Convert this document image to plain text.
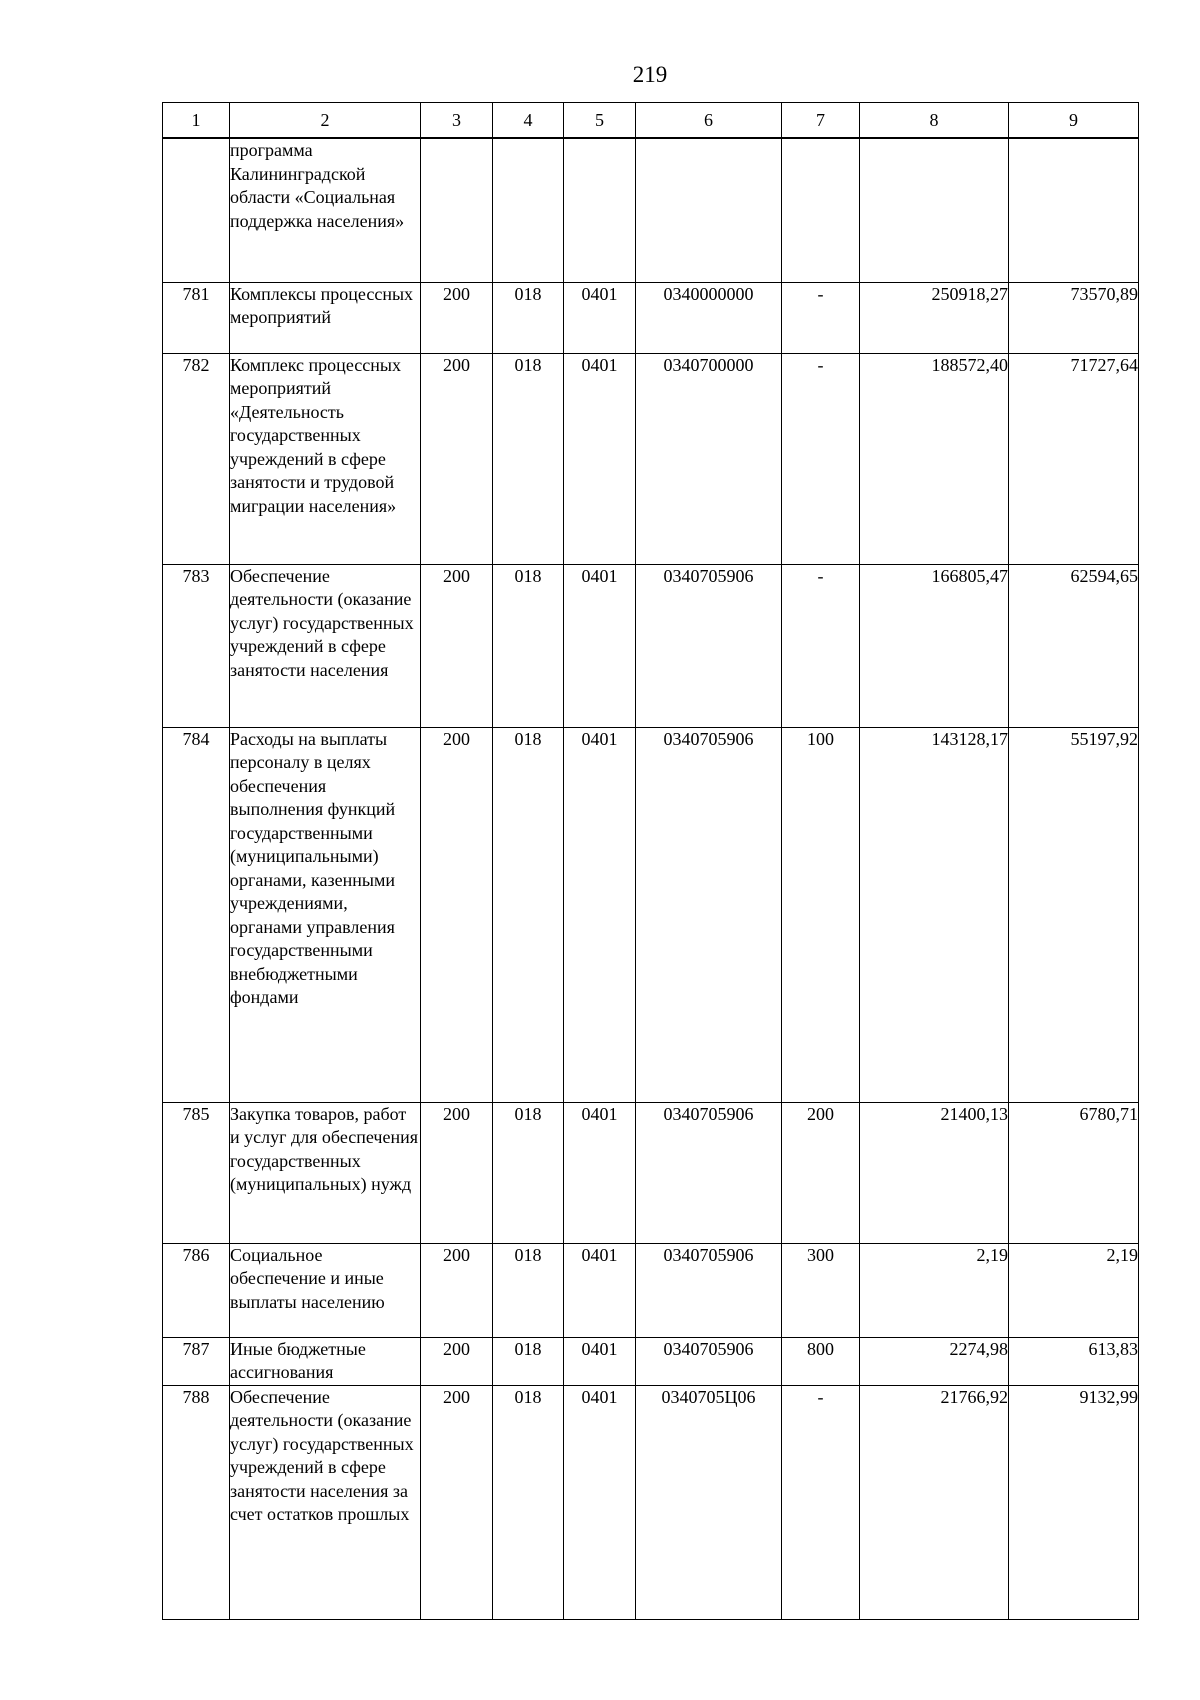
219
1	2	3	4	5	6	7	8	9
	программа Калининградской области «Социальная поддержка населения»							
781	Комплексы процессных мероприятий	200	018	0401	0340000000	-	250918,27	73570,89
782	Комплекс процессных мероприятий «Деятельность государственных учреждений в сфере занятости и трудовой миграции населения»	200	018	0401	0340700000	-	188572,40	71727,64
783	Обеспечение деятельности (оказание услуг) государственных учреждений в сфере занятости населения	200	018	0401	0340705906	-	166805,47	62594,65
784	Расходы на выплаты персоналу в целях обеспечения выполнения функций государственными (муниципальными) органами, казенными учреждениями, органами управления государственными внебюджетными фондами	200	018	0401	0340705906	100	143128,17	55197,92
785	Закупка товаров, работ и услуг для обеспечения государственных (муниципальных) нужд	200	018	0401	0340705906	200	21400,13	6780,71
786	Социальное обеспечение и иные выплаты населению	200	018	0401	0340705906	300	2,19	2,19
787	Иные бюджетные ассигнования	200	018	0401	0340705906	800	2274,98	613,83
788	Обеспечение деятельности (оказание услуг) государственных учреждений в сфере занятости населения за счет остатков прошлых	200	018	0401	0340705Ц06	-	21766,92	9132,99
